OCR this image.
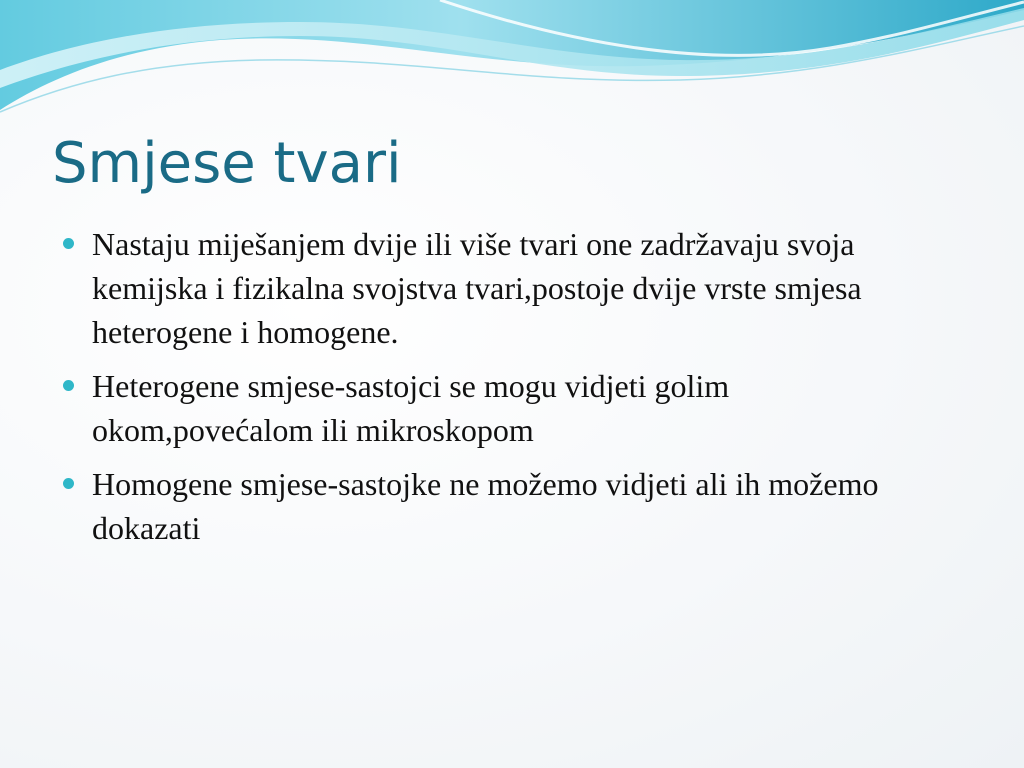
Smjese tvari
Nastaju miješanjem dvije ili više tvari one zadržavaju svoja kemijska i fizikalna svojstva tvari,postoje dvije vrste smjesa heterogene i homogene.
Heterogene smjese-sastojci se mogu vidjeti golim okom,povećalom ili mikroskopom
Homogene smjese-sastojke ne možemo vidjeti ali ih možemo dokazati
